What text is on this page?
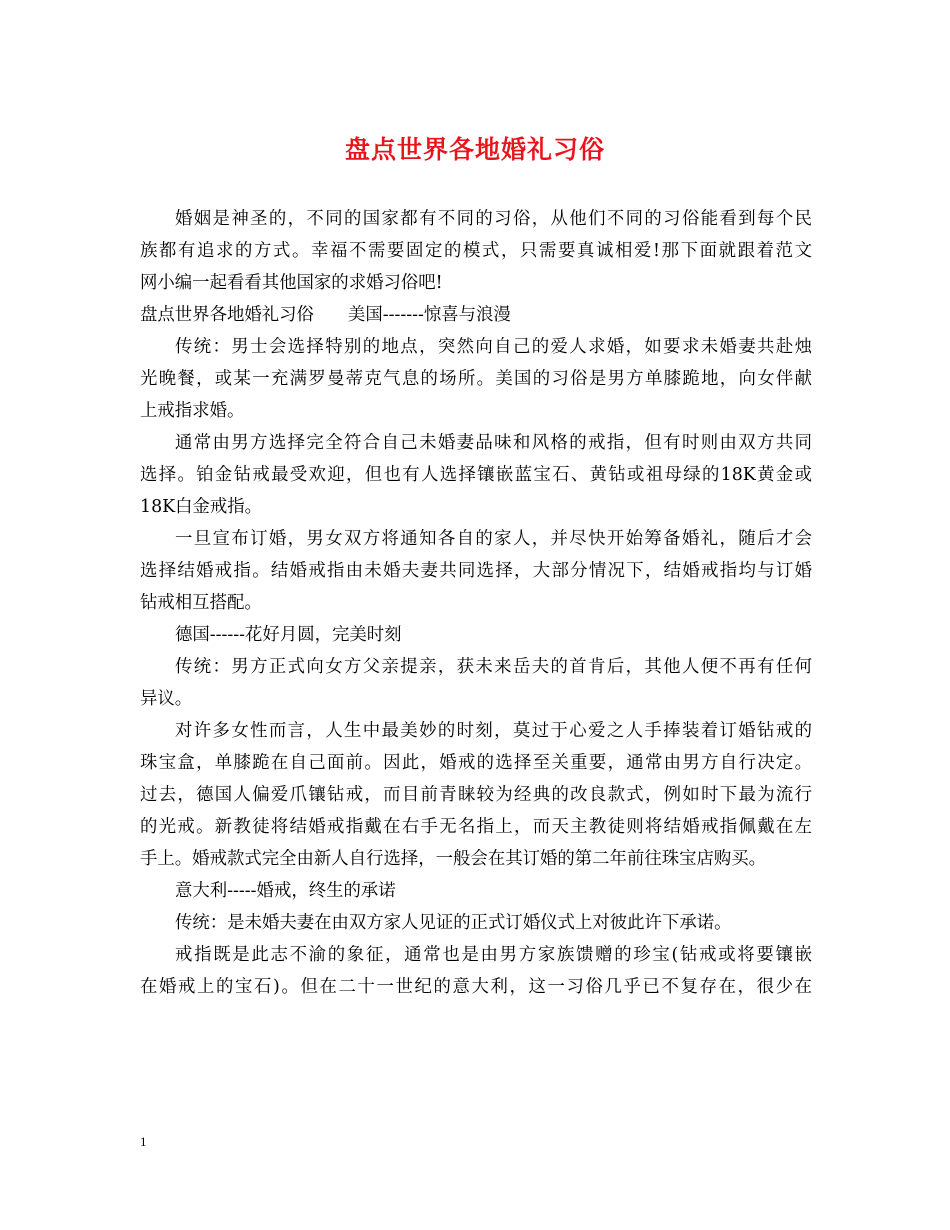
盘点世界各地婚礼习俗
婚姻是神圣的，不同的国家都有不同的习俗，从他们不同的习俗能看到每个民
族都有追求的方式。幸福不需要固定的模式，只需要真诚相爱!那下面就跟着范文
网小编一起看看其他国家的求婚习俗吧!
盘点世界各地婚礼习俗 美国-------惊喜与浪漫
传统：男士会选择特别的地点，突然向自己的爱人求婚，如要求未婚妻共赴烛
光晚餐，或某一充满罗曼蒂克气息的场所。美国的习俗是男方单膝跪地，向女伴献
上戒指求婚。
通常由男方选择完全符合自己未婚妻品味和风格的戒指，但有时则由双方共同
选择。铂金钻戒最受欢迎，但也有人选择镶嵌蓝宝石、黄钻或祖母绿的18K黄金或
18K白金戒指。
一旦宣布订婚，男女双方将通知各自的家人，并尽快开始筹备婚礼，随后才会
选择结婚戒指。结婚戒指由未婚夫妻共同选择，大部分情况下，结婚戒指均与订婚
钻戒相互搭配。
德国------花好月圆，完美时刻
传统：男方正式向女方父亲提亲，获未来岳夫的首肯后，其他人便不再有任何
异议。
对许多女性而言，人生中最美妙的时刻，莫过于心爱之人手捧装着订婚钻戒的
珠宝盒，单膝跪在自己面前。因此，婚戒的选择至关重要，通常由男方自行决定。
过去，德国人偏爱爪镶钻戒，而目前青睐较为经典的改良款式，例如时下最为流行
的光戒。新教徒将结婚戒指戴在右手无名指上，而天主教徒则将结婚戒指佩戴在左
手上。婚戒款式完全由新人自行选择，一般会在其订婚的第二年前往珠宝店购买。
意大利-----婚戒，终生的承诺
传统：是未婚夫妻在由双方家人见证的正式订婚仪式上对彼此许下承诺。
戒指既是此志不渝的象征，通常也是由男方家族馈赠的珍宝(钻戒或将要镶嵌
在婚戒上的宝石)。但在二十一世纪的意大利，这一习俗几乎已不复存在，很少在
1
